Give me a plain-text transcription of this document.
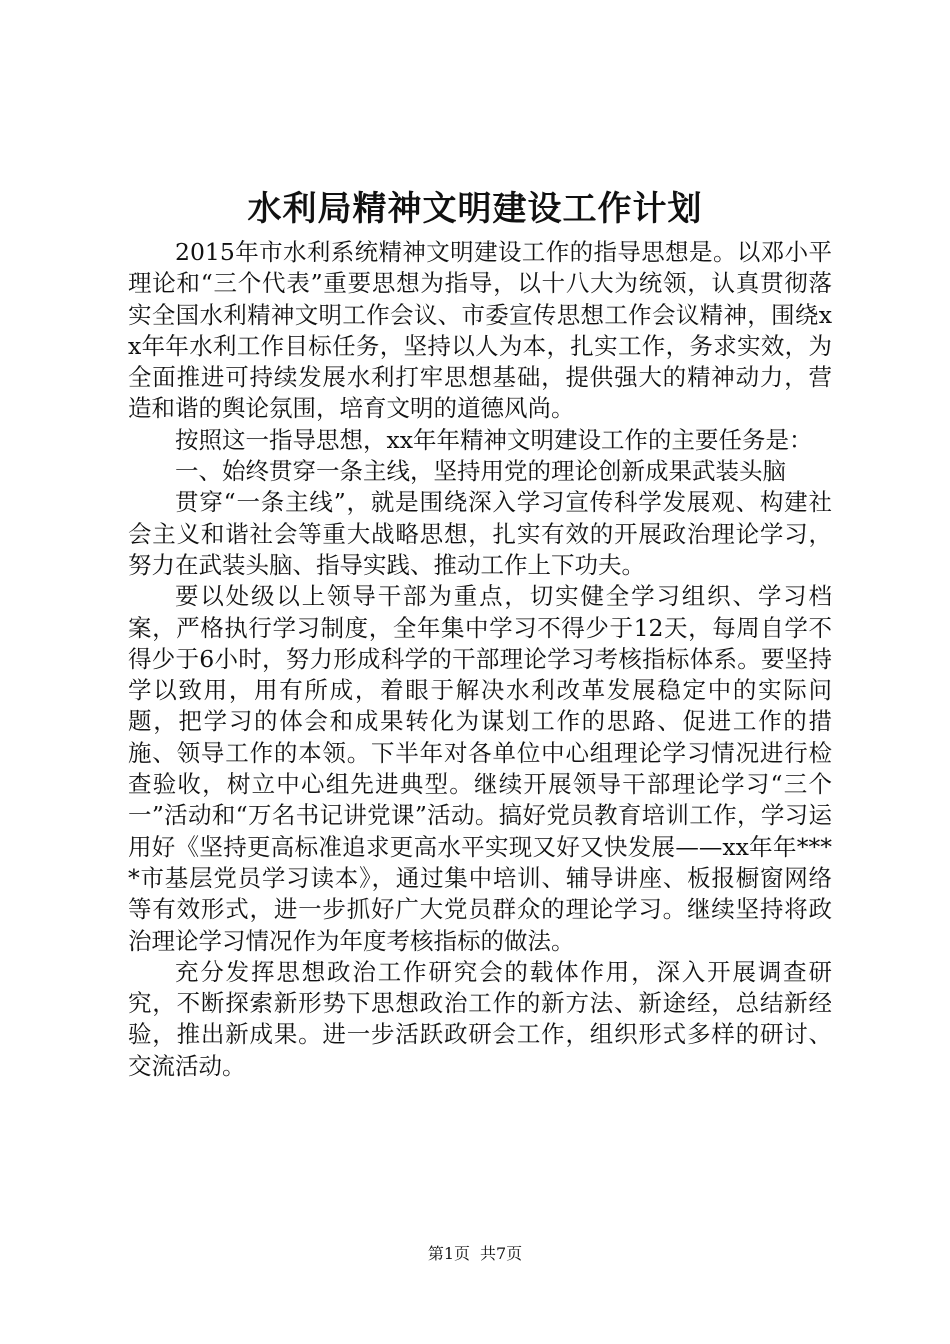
水利局精神文明建设工作计划

2015年市水利系统精神文明建设工作的指导思想是。以邓小平理论和“三个代表”重要思想为指导，以十八大为统领，认真贯彻落实全国水利精神文明工作会议、市委宣传思想工作会议精神，围绕xx年年水利工作目标任务，坚持以人为本，扎实工作，务求实效，为全面推进可持续发展水利打牢思想基础，提供强大的精神动力，营造和谐的舆论氛围，培育文明的道德风尚。

按照这一指导思想，xx年年精神文明建设工作的主要任务是：

一、始终贯穿一条主线，坚持用党的理论创新成果武装头脑

贯穿“一条主线”，就是围绕深入学习宣传科学发展观、构建社会主义和谐社会等重大战略思想，扎实有效的开展政治理论学习，努力在武装头脑、指导实践、推动工作上下功夫。

要以处级以上领导干部为重点，切实健全学习组织、学习档案，严格执行学习制度，全年集中学习不得少于12天，每周自学不得少于6小时，努力形成科学的干部理论学习考核指标体系。要坚持学以致用，用有所成，着眼于解决水利改革发展稳定中的实际问题，把学习的体会和成果转化为谋划工作的思路、促进工作的措施、领导工作的本领。下半年对各单位中心组理论学习情况进行检查验收，树立中心组先进典型。继续开展领导干部理论学习“三个一”活动和“万名书记讲党课”活动。搞好党员教育培训工作，学习运用好《坚持更高标准追求更高水平实现又好又快发展——xx年年****市基层党员学习读本》，通过集中培训、辅导讲座、板报橱窗网络等有效形式，进一步抓好广大党员群众的理论学习。继续坚持将政治理论学习情况作为年度考核指标的做法。

充分发挥思想政治工作研究会的载体作用，深入开展调查研究，不断探索新形势下思想政治工作的新方法、新途经，总结新经验，推出新成果。进一步活跃政研会工作，组织形式多样的研讨、交流活动。

第1页 共7页
